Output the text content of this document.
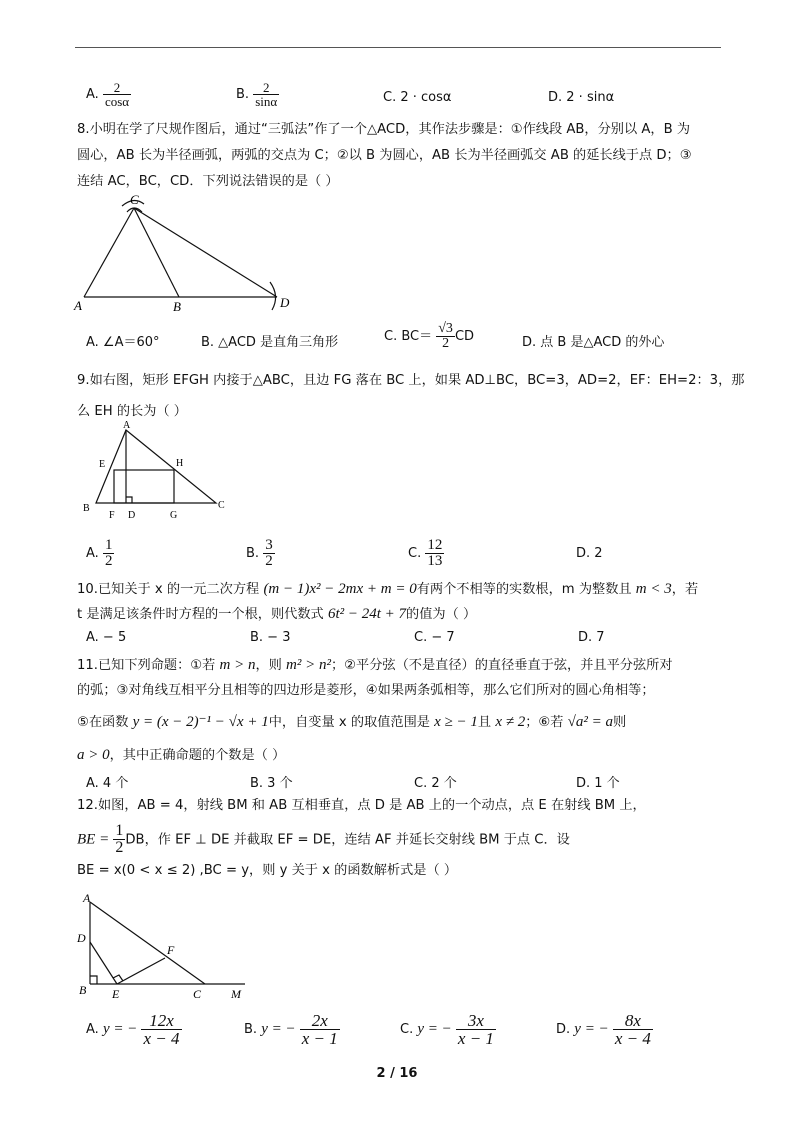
A. $\frac{2}{\cos\alpha}$	B. $\frac{2}{\sin\alpha}$	C. 2 · cosα	D. 2 · sinα
8.小明在学了尺规作图后，通过“三弧法”作了一个△ACD，其作法步骤是：①作线段 AB，分别以 A，B 为
圆心，AB 长为半径画弧，两弧的交点为 C；②以 B 为圆心，AB 长为半径画弧交 AB 的延长线于点 D；③
连结 AC，BC，CD．下列说法错误的是（ ）
C
A	B	D
A. ∠A＝60°	B. △ACD 是直角三角形	C. $BC= \frac{√3}{2}$ CD	D. 点 B 是△ACD 的外心
9.如右图，矩形 EFGH 内接于△ABC，且边 FG 落在 BC 上，如果 AD⊥BC，BC=3，AD=2，EF：EH=2：3，那
么 EH 的长为（ ）
A
E	H
B
F D	G
C
A. $\frac{1}{2}$	B. $\frac{3}{2}$	C. $\frac{12}{13}$	D. 2
10.已知关于 x 的一元二次方程 (m − 1)x² − 2mx + m = 0有两个不相等的实数根，m 为整数且 m < 3，若
t 是满足该条件时方程的一个根，则代数式 6t² − 24t + 7的值为（ ）
A. − 5	B. − 3	C. − 7	D. 7
11.已知下列命题：①若 m > n，则 m² > n²；②平分弦（不是直径）的直径垂直于弦，并且平分弦所对
的弧；③对角线互相平分且相等的四边形是菱形，④如果两条弧相等，那么它们所对的圆心角相等；
⑤在函数 y = (x − 2)⁻¹ − √x + 1中，自变量 x 的取值范围是 x ≥ − 1且 x ≠ 2；⑥若 √a² = a则
a > 0，其中正确命题的个数是（ ）
A. 4 个	B. 3 个	C. 2 个	D. 1 个
12.如图，AB = 4，射线 BM 和 AB 互相垂直，点 D 是 AB 上的一个动点，点 E 在射线 BM 上，
BE = $\frac{1}{2}$ DB，作 EF ⊥ DE 并截取 EF = DE，连结 AF 并延长交射线 BM 于点 C．设
BE = x(0 < x ≤ 2) ,BC = y，则 y 关于 x 的函数解析式是（ ）
A
D
F
B E	C M
A. y = − $\frac{12x}{x - 4}$	B. y = − $\frac{2x}{x - 1}$	C. y = − $\frac{3x}{x - 1}$	D. y = − $\frac{8x}{x - 4}$
2 / 16
